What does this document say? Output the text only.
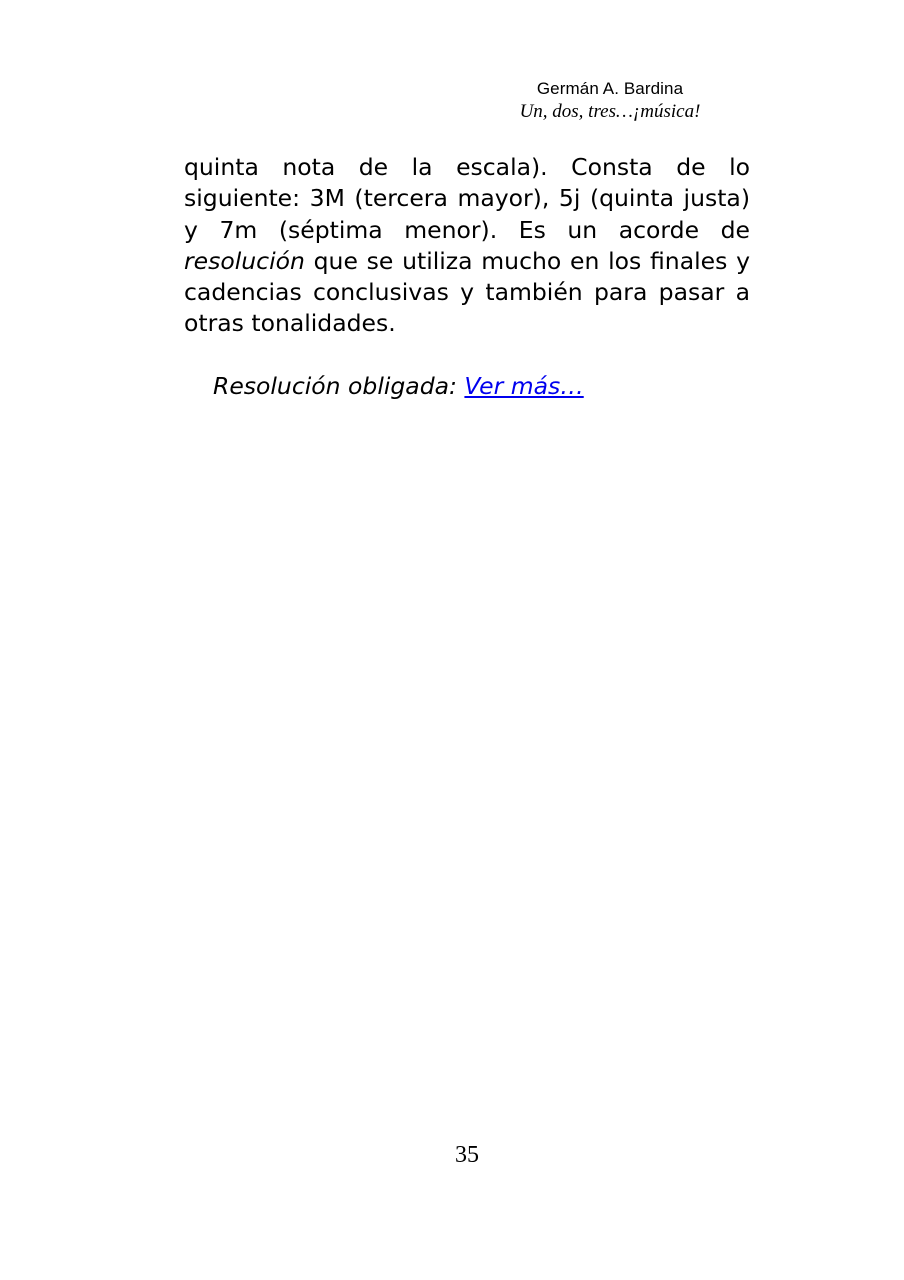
Germán A. Bardina
Un, dos, tres…¡música!

quinta nota de la escala). Consta de lo siguiente: 3M (tercera mayor), 5j (quinta justa) y 7m (séptima menor). Es un acorde de resolución que se utiliza mucho en los finales y cadencias conclusivas y también para pasar a otras tonalidades.

Resolución obligada: Ver más…

35
